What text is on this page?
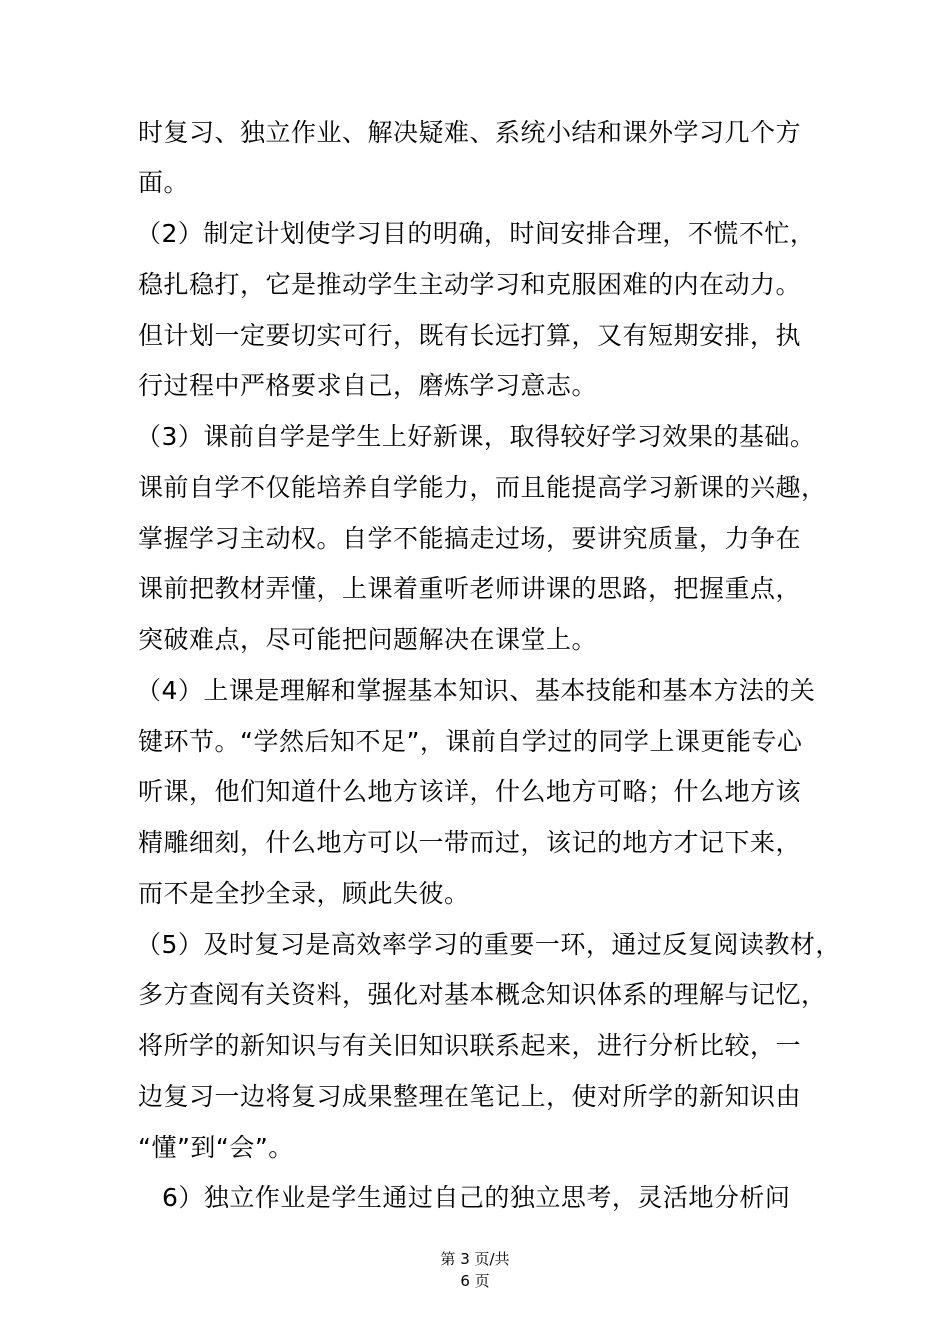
时复习、独立作业、解决疑难、系统小结和课外学习几个方
面。
（2）制定计划使学习目的明确，时间安排合理，不慌不忙，
稳扎稳打，它是推动学生主动学习和克服困难的内在动力。
但计划一定要切实可行，既有长远打算，又有短期安排，执
行过程中严格要求自己，磨炼学习意志。
（3）课前自学是学生上好新课，取得较好学习效果的基础。
课前自学不仅能培养自学能力，而且能提高学习新课的兴趣，
掌握学习主动权。自学不能搞走过场，要讲究质量，力争在
课前把教材弄懂，上课着重听老师讲课的思路，把握重点，
突破难点，尽可能把问题解决在课堂上。
（4）上课是理解和掌握基本知识、基本技能和基本方法的关
键环节。“学然后知不足”，课前自学过的同学上课更能专心
听课，他们知道什么地方该详，什么地方可略；什么地方该
精雕细刻，什么地方可以一带而过，该记的地方才记下来，
而不是全抄全录，顾此失彼。
（5）及时复习是高效率学习的重要一环，通过反复阅读教材，
多方查阅有关资料，强化对基本概念知识体系的理解与记忆，
将所学的新知识与有关旧知识联系起来，进行分析比较，一
边复习一边将复习成果整理在笔记上，使对所学的新知识由
“懂”到“会”。
6）独立作业是学生通过自己的独立思考，灵活地分析问
第 3 页/共
6 页
